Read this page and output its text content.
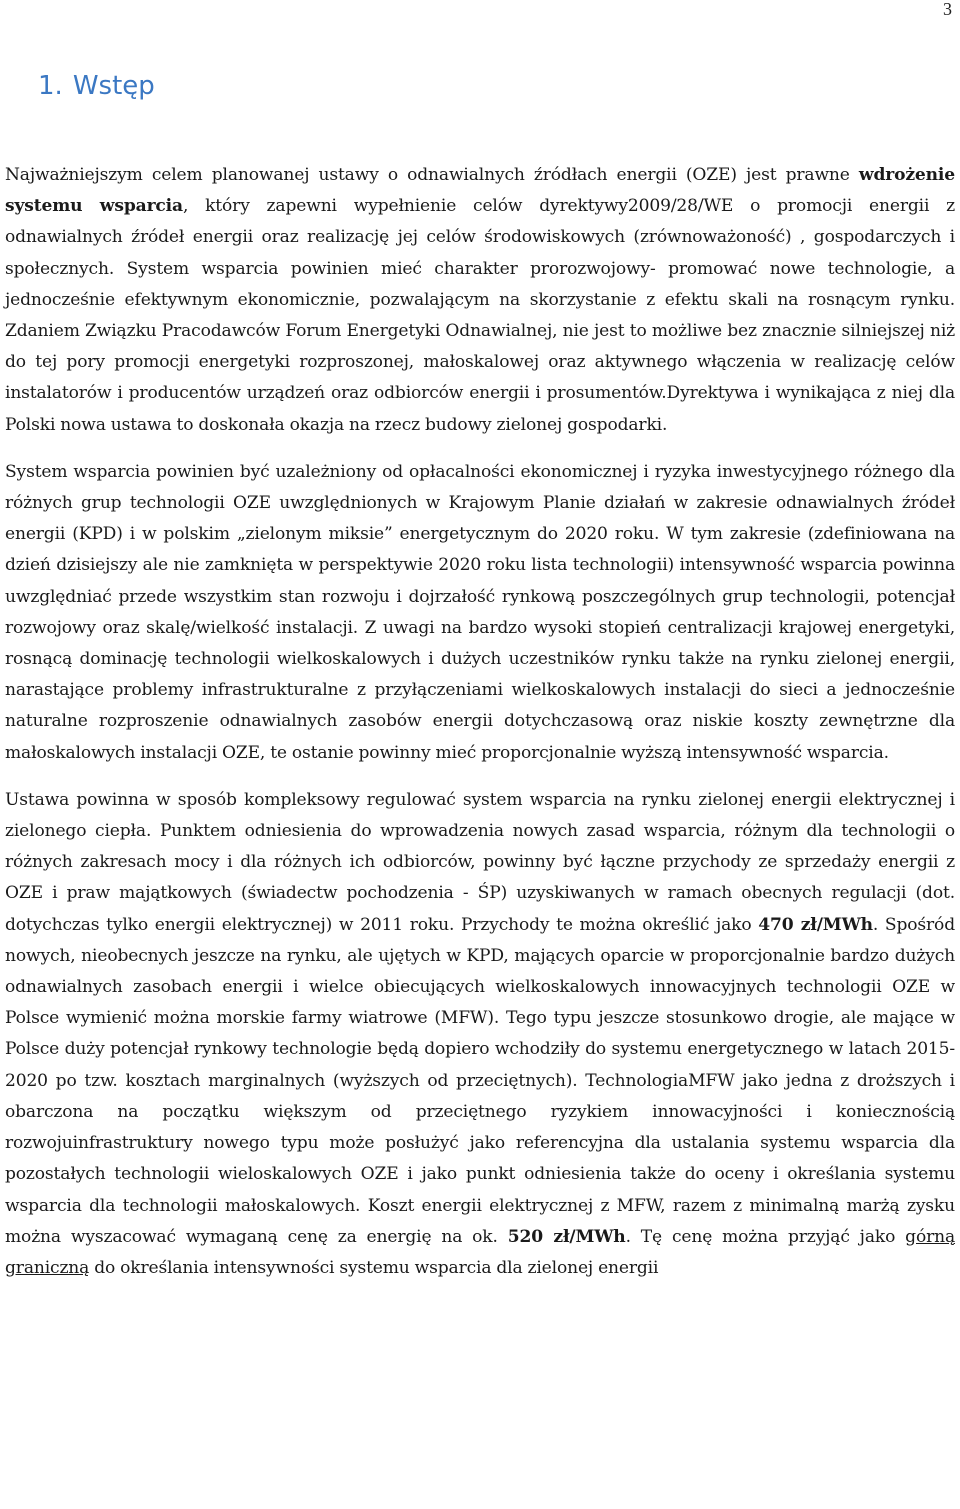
3
1. Wstęp

Najważniejszym celem planowanej ustawy o odnawialnych źródłach energii (OZE) jest prawne wdrożenie systemu wsparcia, który zapewni wypełnienie celów dyrektywy2009/28/WE o promocji energii z odnawialnych źródeł energii oraz realizację jej celów środowiskowych (zrównoważoność) , gospodarczych i społecznych. System wsparcia powinien mieć charakter prorozwojowy- promować nowe technologie, a jednocześnie efektywnym ekonomicznie, pozwalającym na skorzystanie z efektu skali na rosnącym rynku. Zdaniem Związku Pracodawców Forum Energetyki Odnawialnej, nie jest to możliwe bez znacznie silniejszej niż do tej pory promocji energetyki rozproszonej, małoskalowej oraz aktywnego włączenia w realizację celów instalatorów i producentów urządzeń oraz odbiorców energii i prosumentów.Dyrektywa i wynikająca z niej dla Polski nowa ustawa to doskonała okazja na rzecz budowy zielonej gospodarki.

System wsparcia powinien być uzależniony od opłacalności ekonomicznej i ryzyka inwestycyjnego różnego dla różnych grup technologii OZE uwzględnionych w Krajowym Planie działań w zakresie odnawialnych źródeł energii (KPD) i w polskim „zielonym miksie” energetycznym do 2020 roku. W tym zakresie (zdefiniowana na dzień dzisiejszy ale nie zamknięta w perspektywie 2020 roku lista technologii) intensywność wsparcia powinna uwzględniać przede wszystkim stan rozwoju i dojrzałość rynkową poszczególnych grup technologii, potencjał rozwojowy oraz skalę/wielkość instalacji. Z uwagi na bardzo wysoki stopień centralizacji krajowej energetyki, rosnącą dominację technologii wielkoskalowych i dużych uczestników rynku także na rynku zielonej energii, narastające problemy infrastrukturalne z przyłączeniami wielkoskalowych instalacji do sieci a jednocześnie naturalne rozproszenie odnawialnych zasobów energii dotychczasową oraz niskie koszty zewnętrzne dla małoskalowych instalacji OZE, te ostanie powinny mieć proporcjonalnie wyższą intensywność wsparcia.

Ustawa powinna w sposób kompleksowy regulować system wsparcia na rynku zielonej energii elektrycznej i zielonego ciepła. Punktem odniesienia do wprowadzenia nowych zasad wsparcia, różnym dla technologii o różnych zakresach mocy i dla różnych ich odbiorców, powinny być łączne przychody ze sprzedaży energii z OZE i praw majątkowych (świadectw pochodzenia - ŚP) uzyskiwanych w ramach obecnych regulacji (dot. dotychczas tylko energii elektrycznej) w 2011 roku. Przychody te można określić jako 470 zł/MWh. Spośród nowych, nieobecnych jeszcze na rynku, ale ujętych w KPD, mających oparcie w proporcjonalnie bardzo dużych odnawialnych zasobach energii i wielce obiecujących wielkoskalowych innowacyjnych technologii OZE w Polsce wymienić można morskie farmy wiatrowe (MFW). Tego typu jeszcze stosunkowo drogie, ale mające w Polsce duży potencjał rynkowy technologie będą dopiero wchodziły do systemu energetycznego w latach 2015-2020 po tzw. kosztach marginalnych (wyższych od przeciętnych). TechnologiaMFW jako jedna z droższych i obarczona na początku większym od przeciętnego ryzykiem innowacyjności i koniecznością rozwojuinfrastruktury nowego typu może posłużyć jako referencyjna dla ustalania systemu wsparcia dla pozostałych technologii wieloskalowych OZE i jako punkt odniesienia także do oceny i określania systemu wsparcia dla technologii małoskalowych. Koszt energii elektrycznej z MFW, razem z minimalną marżą zysku można wyszacować wymaganą cenę za energię na ok. 520 zł/MWh. Tę cenę można przyjąć jako górną graniczną do określania intensywności systemu wsparcia dla zielonej energii
